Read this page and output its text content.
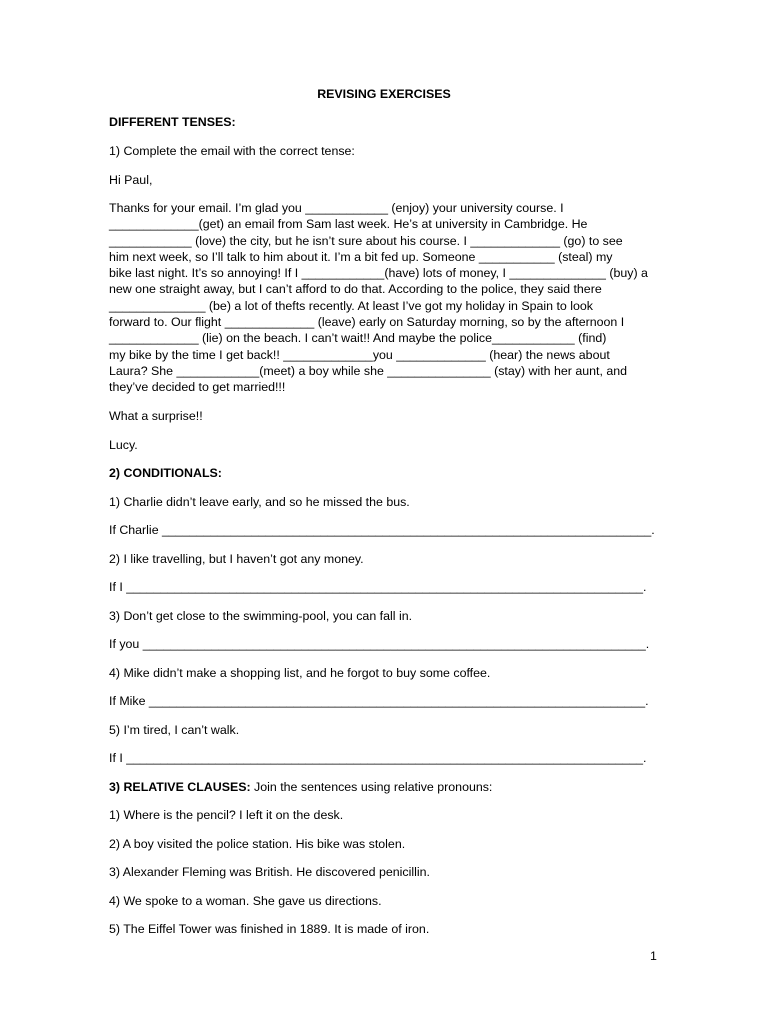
REVISING EXERCISES

DIFFERENT TENSES:

1) Complete the email with the correct tense:

Hi Paul,

Thanks for your email. I’m glad you ____________ (enjoy) your university course. I
_____________(get) an email from Sam last week. He’s at university in Cambridge. He
____________ (love) the city, but he isn’t sure about his course. I _____________ (go) to see
him next week, so I’ll talk to him about it. I’m a bit fed up. Someone ___________ (steal) my
bike last night. It’s so annoying! If I ____________(have) lots of money, I ______________ (buy) a
new one straight away, but I can’t afford to do that. According to the police, they said there
______________ (be) a lot of thefts recently. At least I’ve got my holiday in Spain to look
forward to. Our flight _____________ (leave) early on Saturday morning, so by the afternoon I
_____________ (lie) on the beach. I can’t wait!! And maybe the police____________ (find)
my bike by the time I get back!! _____________you _____________ (hear) the news about
Laura? She ____________(meet) a boy while she _______________ (stay) with her aunt, and
they’ve decided to get married!!!

What a surprise!!

Lucy.

2) CONDITIONALS:

1) Charlie didn’t leave early, and so he missed the bus.

If Charlie _______________________________________________________________________.

2) I like travelling, but I haven’t got any money.

If I ___________________________________________________________________________.

3) Don’t get close to the swimming-pool, you can fall in.

If you _________________________________________________________________________.

4) Mike didn’t make a shopping list, and he forgot to buy some coffee.

If Mike ________________________________________________________________________.

5) I’m tired, I can’t walk.

If I ___________________________________________________________________________.

3) RELATIVE CLAUSES: Join the sentences using relative pronouns:

1) Where is the pencil? I left it on the desk.

2) A boy visited the police station. His bike was stolen.

3) Alexander Fleming was British. He discovered penicillin.

4) We spoke to a woman. She gave us directions.

5) The Eiffel Tower was finished in 1889. It is made of iron.

1
